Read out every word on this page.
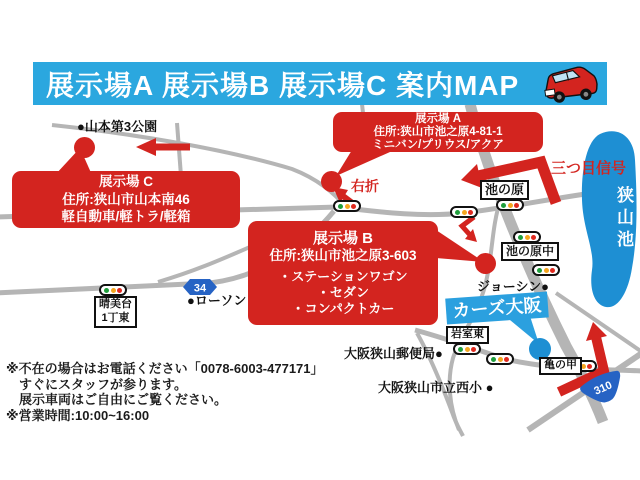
34
310
展示場A 展示場B 展示場C 案内MAP
展示場 A
住所:狭山市池之原4-81-1
ミニバン/プリウス/アクア
展示場 C
住所:狭山市山本南46
軽自動車/軽トラ/軽箱
展示場 B
住所:狭山市池之原3-603
・ステーションワゴン
・セダン
・コンパクトカー
池の原
池の原中
岩室東
亀の甲
晴美台
1丁東
●山本第3公園
●ローソン
ジョーシン●
大阪狭山郵便局●
大阪狭山市立西小 ●
三つ目信号
右折
カーズ大阪
狭山池
※不在の場合はお電話ください「0078-6003-477171」
すぐにスタッフが参ります。
展示車両はご自由にご覧ください。
※営業時間:10:00~16:00
